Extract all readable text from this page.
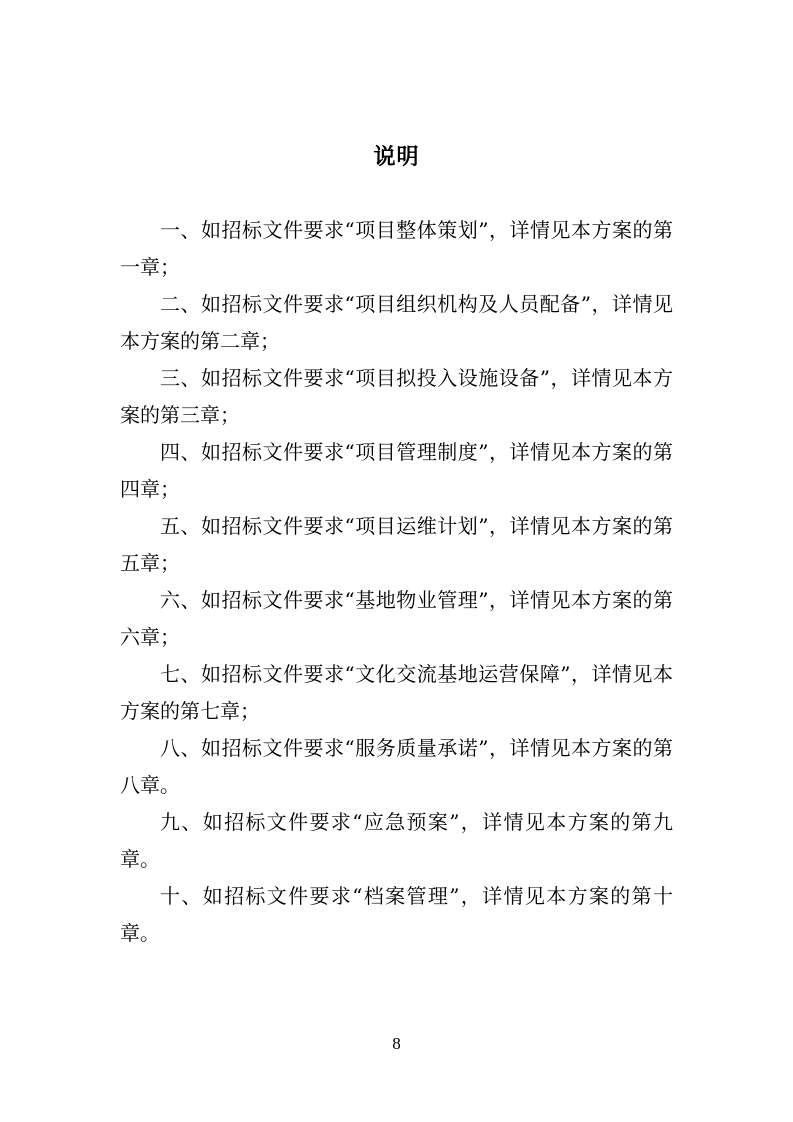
说明

一、如招标文件要求“项目整体策划”，详情见本方案的第一章；

二、如招标文件要求“项目组织机构及人员配备”，详情见本方案的第二章；

三、如招标文件要求“项目拟投入设施设备”，详情见本方案的第三章；

四、如招标文件要求“项目管理制度”，详情见本方案的第四章；

五、如招标文件要求“项目运维计划”，详情见本方案的第五章；

六、如招标文件要求“基地物业管理”，详情见本方案的第六章；

七、如招标文件要求“文化交流基地运营保障”，详情见本方案的第七章；

八、如招标文件要求“服务质量承诺”，详情见本方案的第八章。

九、如招标文件要求“应急预案”，详情见本方案的第九章。

十、如招标文件要求“档案管理”，详情见本方案的第十章。

8
